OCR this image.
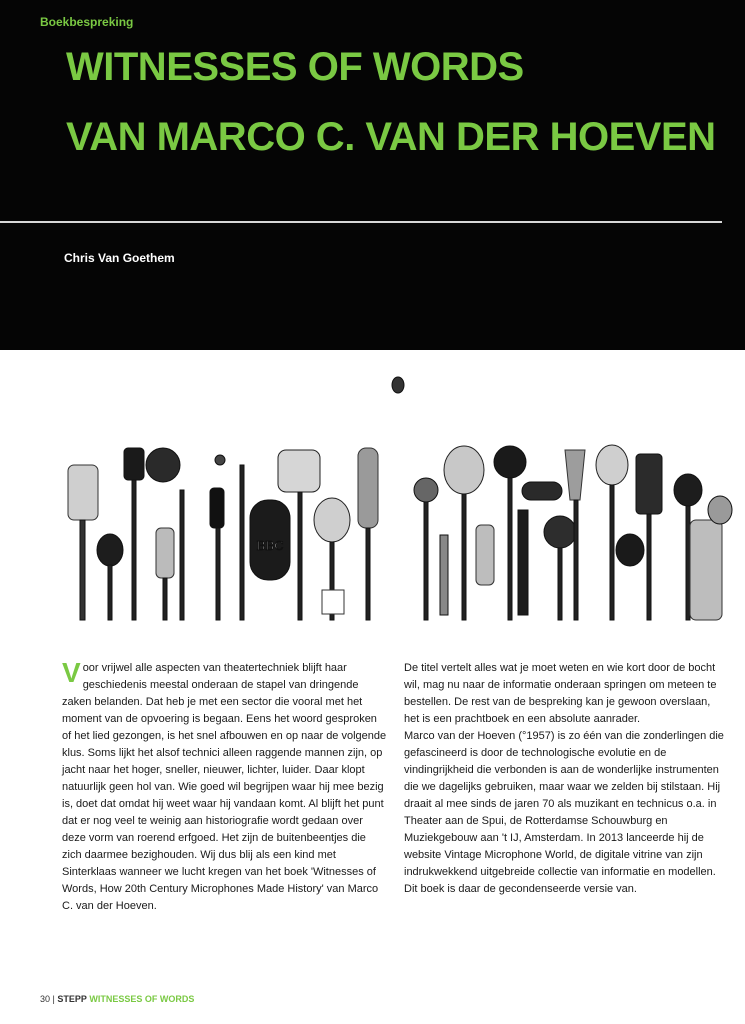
Boekbespreking
WITNESSES OF WORDS
VAN MARCO C. VAN DER HOEVEN
Chris Van Goethem
BBC

Voor vrijwel alle aspecten van theatertechniek blijft haar geschiedenis meestal onderaan de stapel van dringende zaken belanden. Dat heb je met een sector die vooral met het moment van de opvoering is begaan. Eens het woord gesproken of het lied gezongen, is het snel afbouwen en op naar de volgende klus. Soms lijkt het alsof technici alleen raggende mannen zijn, op jacht naar het hoger, sneller, nieuwer, lichter, luider. Daar klopt natuurlijk geen hol van. Wie goed wil begrijpen waar hij mee bezig is, doet dat omdat hij weet waar hij vandaan komt. Al blijft het punt dat er nog veel te weinig aan historiografie wordt gedaan over deze vorm van roerend erfgoed. Het zijn de buitenbeentjes die zich daarmee bezighouden. Wij dus blij als een kind met Sinterklaas wanneer we lucht kregen van het boek 'Witnesses of Words, How 20th Century Microphones Made History' van Marco C. van der Hoeven.

De titel vertelt alles wat je moet weten en wie kort door de bocht wil, mag nu naar de informatie onderaan springen om meteen te bestellen. De rest van de bespreking kan je gewoon overslaan, het is een prachtboek en een absolute aanrader.

Marco van der Hoeven (°1957) is zo één van die zonderlingen die gefascineerd is door de technologische evolutie en de vindingrijkheid die verbonden is aan de wonderlijke instrumenten die we dagelijks gebruiken, maar waar we zelden bij stilstaan. Hij draait al mee sinds de jaren 70 als muzikant en technicus o.a. in Theater aan de Spui, de Rotterdamse Schouwburg en Muziekgebouw aan 't IJ, Amsterdam. In 2013 lanceerde hij de website Vintage Microphone World, de digitale vitrine van zijn indrukwekkend uitgebreide collectie van informatie en modellen. Dit boek is daar de gecondenseerde versie van.

30 | STEPP WITNESSES OF WORDS
